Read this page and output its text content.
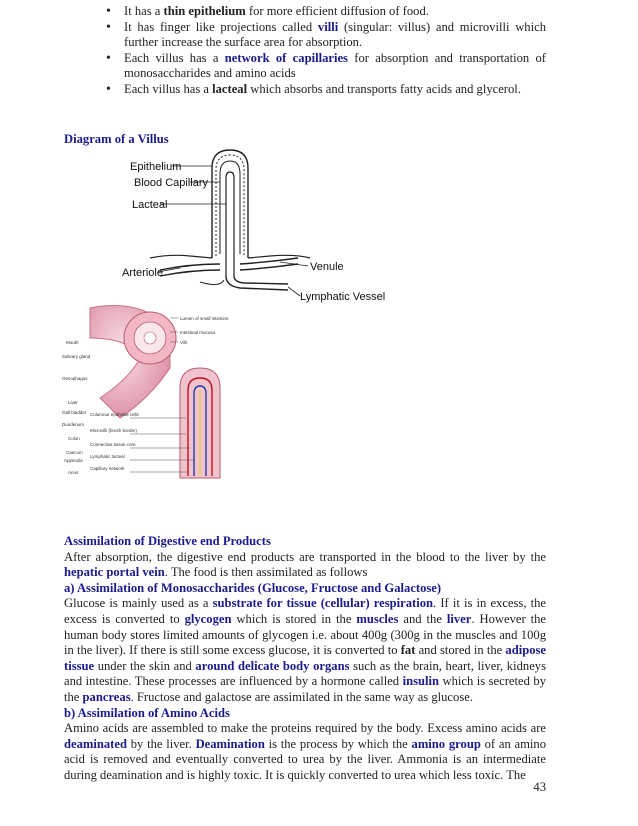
• It has a thin epithelium for more efficient diffusion of food.
• It has finger like projections called villi (singular: villus) and microvilli which further increase the surface area for absorption.
• Each villus has a network of capillaries for absorption and transportation of monosaccharides and amino acids
• Each villus has a lacteal which absorbs and transports fatty acids and glycerol.
Diagram of a Villus
Epithelium
Blood Capillary
Lacteal
Arteriole	Venule
Lymphatic Vessel
Mouth
Salivary gland
Oesophagus
Liver
Gall bladder
Duodenum
Colon
Caecum
Appendix
Anus
Lumen of small intestine
Intestinal mucosa
Villi
Columnar epithelial cells
Microvilli (brush border)
Connective tissue core
Lymphatic lacteal
Capillary network
Assimilation of Digestive end Products

After absorption, the digestive end products are transported in the blood to the liver by the hepatic portal vein. The food is then assimilated as follows

a) Assimilation of Monosaccharides (Glucose, Fructose and Galactose)

Glucose is mainly used as a substrate for tissue (cellular) respiration. If it is in excess, the excess is converted to glycogen which is stored in the muscles and the liver. However the human body stores limited amounts of glycogen i.e. about 400g (300g in the muscles and 100g in the liver). If there is still some excess glucose, it is converted to fat and stored in the adipose tissue under the skin and around delicate body organs such as the brain, heart, liver, kidneys and intestine. These processes are influenced by a hormone called insulin which is secreted by the pancreas. Fructose and galactose are assimilated in the same way as glucose.

b) Assimilation of Amino Acids

Amino acids are assembled to make the proteins required by the body. Excess amino acids are deaminated by the liver. Deamination is the process by which the amino group of an amino acid is removed and eventually converted to urea by the liver. Ammonia is an intermediate during deamination and is highly toxic. It is quickly converted to urea which less toxic. The

43
